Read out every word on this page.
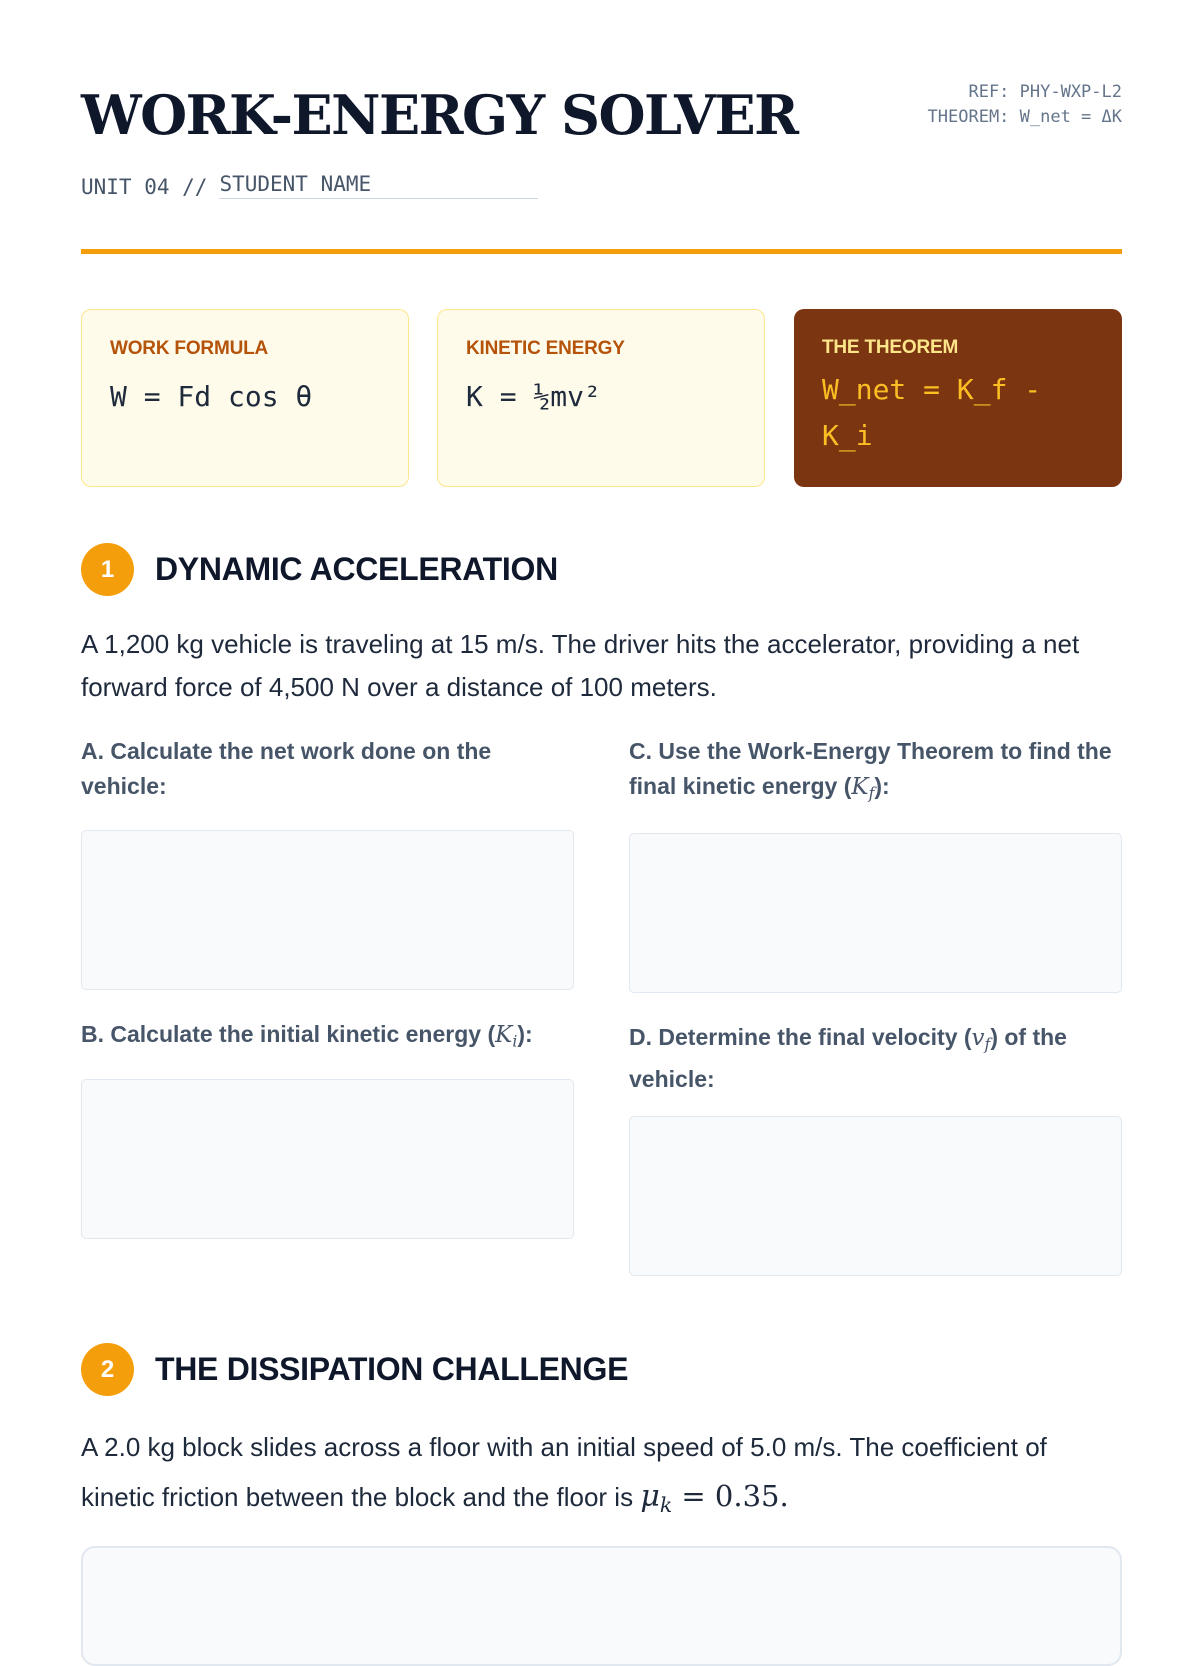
WORK-ENERGY SOLVER	REF: PHY-WXP-L2
THEOREM: W_net = ΔK
UNIT 04 // STUDENT NAME
WORK FORMULA
W = Fd cos θ
KINETIC ENERGY
K = ½mv²
THE THEOREM
W_net = K_f - K_i
1	DYNAMIC ACCELERATION

A 1,200 kg vehicle is traveling at 15 m/s. The driver hits the accelerator, providing a net forward force of 4,500 N over a distance of 100 meters.

A. Calculate the net work done on the vehicle:

B. Calculate the initial kinetic energy $(K_i)$:

C. Use the Work-Energy Theorem to find the final kinetic energy $(K_f)$:

D. Determine the final velocity $(v_f)$ of the vehicle:

2	THE DISSIPATION CHALLENGE

A 2.0 kg block slides across a floor with an initial speed of 5.0 m/s. The coefficient of kinetic friction between the block and the floor is $\mu_k = 0.35$.
